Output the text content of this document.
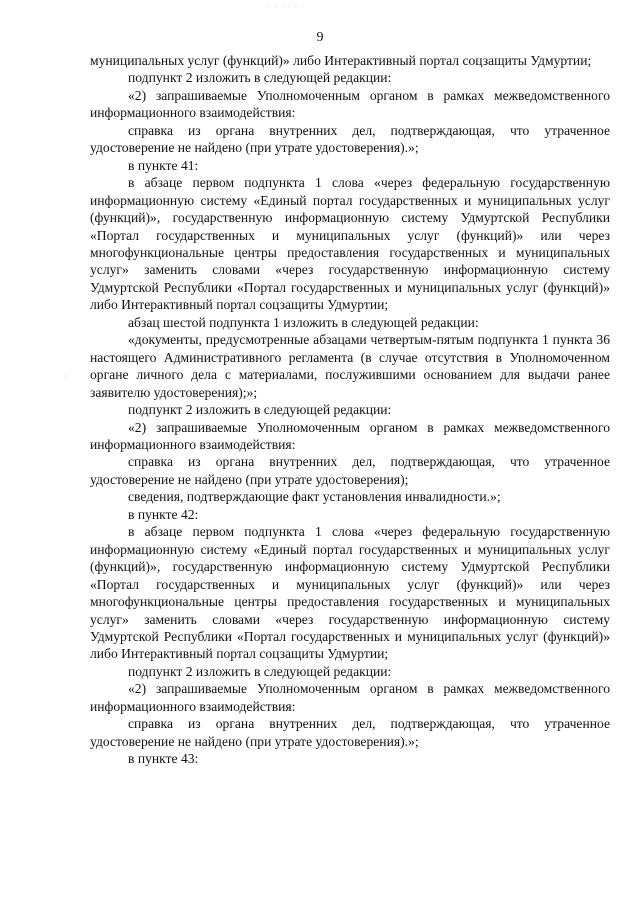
· · · · · ·
9
·

муниципальных услуг (функций)» либо Интерактивный портал соцзащиты Удмуртии;

подпункт 2 изложить в следующей редакции:

«2) запрашиваемые Уполномоченным органом в рамках межведомственного информационного взаимодействия:

справка из органа внутренних дел, подтверждающая, что утраченное удостоверение не найдено (при утрате удостоверения).»;

в пункте 41:

в абзаце первом подпункта 1 слова «через федеральную государственную информационную систему «Единый портал государственных и муниципальных услуг (функций)», государственную информационную систему Удмуртской Республики «Портал государственных и муниципальных услуг (функций)» или через многофункциональные центры предоставления государственных и муниципальных услуг» заменить словами «через государственную информационную систему Удмуртской Республики «Портал государственных и муниципальных услуг (функций)» либо Интерактивный портал соцзащиты Удмуртии;

абзац шестой подпункта 1 изложить в следующей редакции:

«документы, предусмотренные абзацами четвертым-пятым подпункта 1 пункта 36 настоящего Административного регламента (в случае отсутствия в Уполномоченном органе личного дела с материалами, послужившими основанием для выдачи ранее заявителю удостоверения);»;

подпункт 2 изложить в следующей редакции:

«2) запрашиваемые Уполномоченным органом в рамках межведомственного информационного взаимодействия:

справка из органа внутренних дел, подтверждающая, что утраченное удостоверение не найдено (при утрате удостоверения);

сведения, подтверждающие факт установления инвалидности.»;

в пункте 42:

в абзаце первом подпункта 1 слова «через федеральную государственную информационную систему «Единый портал государственных и муниципальных услуг (функций)», государственную информационную систему Удмуртской Республики «Портал государственных и муниципальных услуг (функций)» или через многофункциональные центры предоставления государственных и муниципальных услуг» заменить словами «через государственную информационную систему Удмуртской Республики «Портал государственных и муниципальных услуг (функций)» либо Интерактивный портал соцзащиты Удмуртии;

подпункт 2 изложить в следующей редакции:

«2) запрашиваемые Уполномоченным органом в рамках межведомственного информационного взаимодействия:

справка из органа внутренних дел, подтверждающая, что утраченное удостоверение не найдено (при утрате удостоверения).»;

в пункте 43:
